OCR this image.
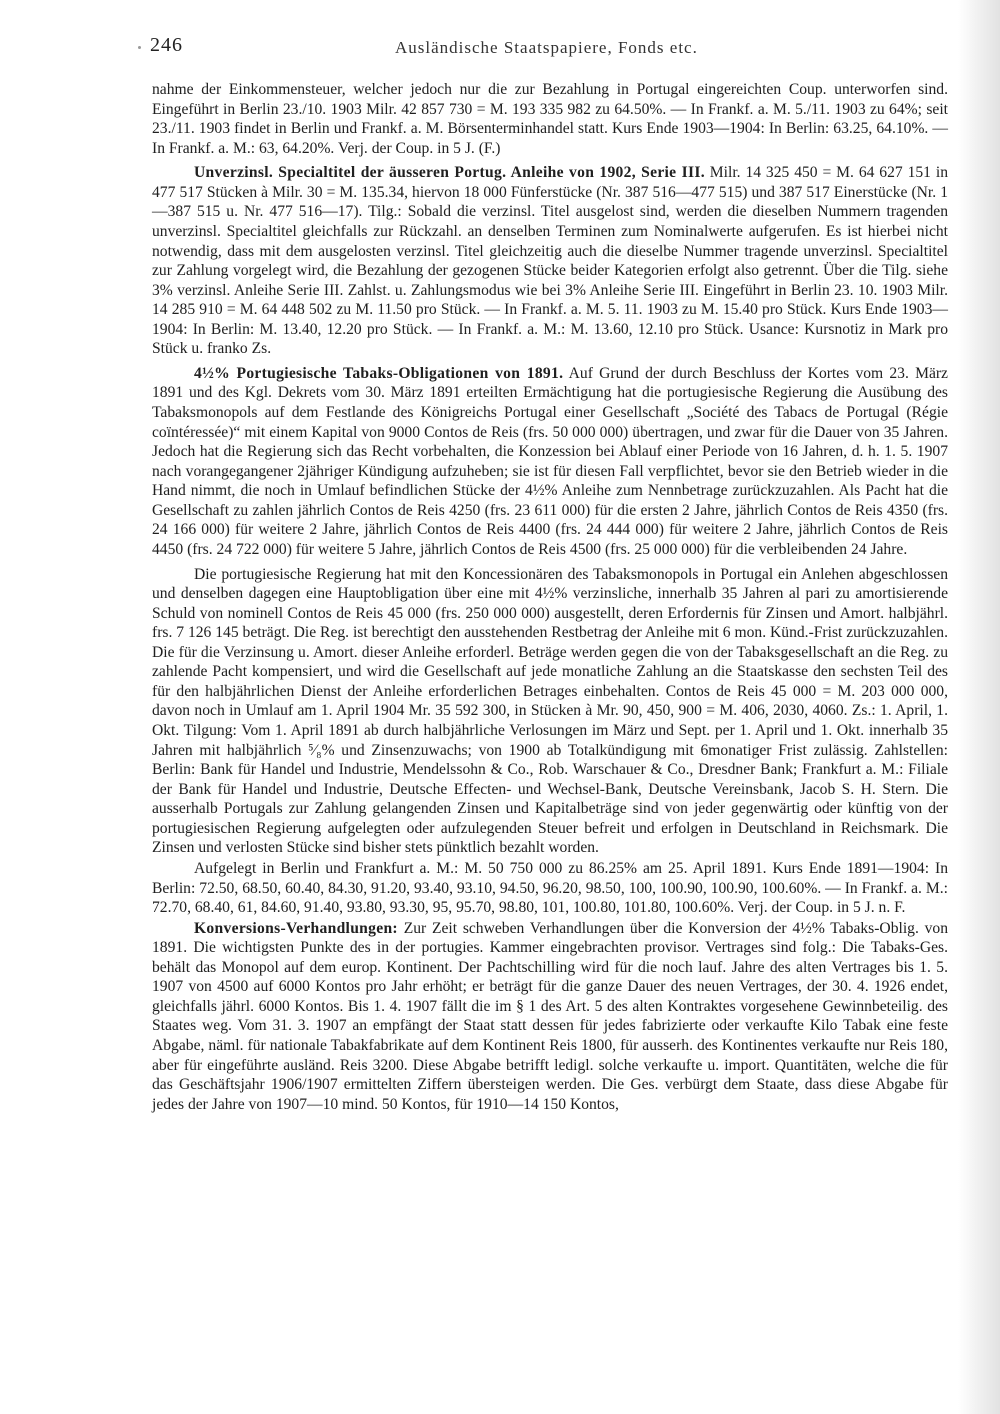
246	Ausländische Staatspapiere, Fonds etc.

nahme der Einkommensteuer, welcher jedoch nur die zur Bezahlung in Portugal eingereichten Coup. unterworfen sind. Eingeführt in Berlin 23./10. 1903 Milr. 42 857 730 = M. 193 335 982 zu 64.50%. — In Frankf. a. M. 5./11. 1903 zu 64%; seit 23./11. 1903 findet in Berlin und Frankf. a. M. Börsenterminhandel statt. Kurs Ende 1903—1904: In Berlin: 63.25, 64.10%. — In Frankf. a. M.: 63, 64.20%. Verj. der Coup. in 5 J. (F.)

Unverzinsl. Specialtitel der äusseren Portug. Anleihe von 1902, Serie III. Milr. 14 325 450 = M. 64 627 151 in 477 517 Stücken à Milr. 30 = M. 135.34, hiervon 18 000 Fünferstücke (Nr. 387 516—477 515) und 387 517 Einerstücke (Nr. 1—387 515 u. Nr. 477 516—17). Tilg.: Sobald die verzinsl. Titel ausgelost sind, werden die dieselben Nummern tragenden unverzinsl. Specialtitel gleichfalls zur Rückzahl. an denselben Terminen zum Nominalwerte aufgerufen. Es ist hierbei nicht notwendig, dass mit dem ausgelosten verzinsl. Titel gleichzeitig auch die dieselbe Nummer tragende unverzinsl. Specialtitel zur Zahlung vorgelegt wird, die Bezahlung der gezogenen Stücke beider Kategorien erfolgt also getrennt. Über die Tilg. siehe 3% verzinsl. Anleihe Serie III. Zahlst. u. Zahlungsmodus wie bei 3% Anleihe Serie III. Eingeführt in Berlin 23. 10. 1903 Milr. 14 285 910 = M. 64 448 502 zu M. 11.50 pro Stück. — In Frankf. a. M. 5. 11. 1903 zu M. 15.40 pro Stück. Kurs Ende 1903—1904: In Berlin: M. 13.40, 12.20 pro Stück. — In Frankf. a. M.: M. 13.60, 12.10 pro Stück. Usance: Kursnotiz in Mark pro Stück u. franko Zs.

4½% Portugiesische Tabaks-Obligationen von 1891. Auf Grund der durch Beschluss der Kortes vom 23. März 1891 und des Kgl. Dekrets vom 30. März 1891 erteilten Ermächtigung hat die portugiesische Regierung die Ausübung des Tabaksmonopols auf dem Festlande des Königreichs Portugal einer Gesellschaft „Société des Tabacs de Portugal (Régie coïntéressée)“ mit einem Kapital von 9000 Contos de Reis (frs. 50 000 000) übertragen, und zwar für die Dauer von 35 Jahren. Jedoch hat die Regierung sich das Recht vorbehalten, die Konzession bei Ablauf einer Periode von 16 Jahren, d. h. 1. 5. 1907 nach vorangegangener 2jähriger Kündigung aufzuheben; sie ist für diesen Fall verpflichtet, bevor sie den Betrieb wieder in die Hand nimmt, die noch in Umlauf befindlichen Stücke der 4½% Anleihe zum Nennbetrage zurückzuzahlen. Als Pacht hat die Gesellschaft zu zahlen jährlich Contos de Reis 4250 (frs. 23 611 000) für die ersten 2 Jahre, jährlich Contos de Reis 4350 (frs. 24 166 000) für weitere 2 Jahre, jährlich Contos de Reis 4400 (frs. 24 444 000) für weitere 2 Jahre, jährlich Contos de Reis 4450 (frs. 24 722 000) für weitere 5 Jahre, jährlich Contos de Reis 4500 (frs. 25 000 000) für die verbleibenden 24 Jahre.

Die portugiesische Regierung hat mit den Koncessionären des Tabaksmonopols in Portugal ein Anlehen abgeschlossen und denselben dagegen eine Hauptobligation über eine mit 4½% verzinsliche, innerhalb 35 Jahren al pari zu amortisierende Schuld von nominell Contos de Reis 45 000 (frs. 250 000 000) ausgestellt, deren Erfordernis für Zinsen und Amort. halbjährl. frs. 7 126 145 beträgt. Die Reg. ist berechtigt den ausstehenden Restbetrag der Anleihe mit 6 mon. Künd.-Frist zurückzuzahlen. Die für die Verzinsung u. Amort. dieser Anleihe erforderl. Beträge werden gegen die von der Tabaksgesellschaft an die Reg. zu zahlende Pacht kompensiert, und wird die Gesellschaft auf jede monatliche Zahlung an die Staatskasse den sechsten Teil des für den halbjährlichen Dienst der Anleihe erforderlichen Betrages einbehalten. Contos de Reis 45 000 = M. 203 000 000, davon noch in Umlauf am 1. April 1904 Mr. 35 592 300, in Stücken à Mr. 90, 450, 900 = M. 406, 2030, 4060. Zs.: 1. April, 1. Okt. Tilgung: Vom 1. April 1891 ab durch halbjährliche Verlosungen im März und Sept. per 1. April und 1. Okt. innerhalb 35 Jahren mit halbjährlich ⁵⁄₈% und Zinsenzuwachs; von 1900 ab Totalkündigung mit 6monatiger Frist zulässig. Zahlstellen: Berlin: Bank für Handel und Industrie, Mendelssohn & Co., Rob. Warschauer & Co., Dresdner Bank; Frankfurt a. M.: Filiale der Bank für Handel und Industrie, Deutsche Effecten- und Wechsel-Bank, Deutsche Vereinsbank, Jacob S. H. Stern. Die ausserhalb Portugals zur Zahlung gelangenden Zinsen und Kapitalbeträge sind von jeder gegenwärtig oder künftig von der portugiesischen Regierung aufgelegten oder aufzulegenden Steuer befreit und erfolgen in Deutschland in Reichsmark. Die Zinsen und verlosten Stücke sind bisher stets pünktlich bezahlt worden.

Aufgelegt in Berlin und Frankfurt a. M.: M. 50 750 000 zu 86.25% am 25. April 1891. Kurs Ende 1891—1904: In Berlin: 72.50, 68.50, 60.40, 84.30, 91.20, 93.40, 93.10, 94.50, 96.20, 98.50, 100, 100.90, 100.90, 100.60%. — In Frankf. a. M.: 72.70, 68.40, 61, 84.60, 91.40, 93.80, 93.30, 95, 95.70, 98.80, 101, 100.80, 101.80, 100.60%. Verj. der Coup. in 5 J. n. F.

Konversions-Verhandlungen: Zur Zeit schweben Verhandlungen über die Konversion der 4½% Tabaks-Oblig. von 1891. Die wichtigsten Punkte des in der portugies. Kammer eingebrachten provisor. Vertrages sind folg.: Die Tabaks-Ges. behält das Monopol auf dem europ. Kontinent. Der Pachtschilling wird für die noch lauf. Jahre des alten Vertrages bis 1. 5. 1907 von 4500 auf 6000 Kontos pro Jahr erhöht; er beträgt für die ganze Dauer des neuen Vertrages, der 30. 4. 1926 endet, gleichfalls jährl. 6000 Kontos. Bis 1. 4. 1907 fällt die im § 1 des Art. 5 des alten Kontraktes vorgesehene Gewinnbeteilig. des Staates weg. Vom 31. 3. 1907 an empfängt der Staat statt dessen für jedes fabrizierte oder verkaufte Kilo Tabak eine feste Abgabe, näml. für nationale Tabakfabrikate auf dem Kontinent Reis 1800, für ausserh. des Kontinentes verkaufte nur Reis 180, aber für eingeführte ausländ. Reis 3200. Diese Abgabe betrifft ledigl. solche verkaufte u. import. Quantitäten, welche die für das Geschäftsjahr 1906/1907 ermittelten Ziffern übersteigen werden. Die Ges. verbürgt dem Staate, dass diese Abgabe für jedes der Jahre von 1907—10 mind. 50 Kontos, für 1910—14 150 Kontos,
